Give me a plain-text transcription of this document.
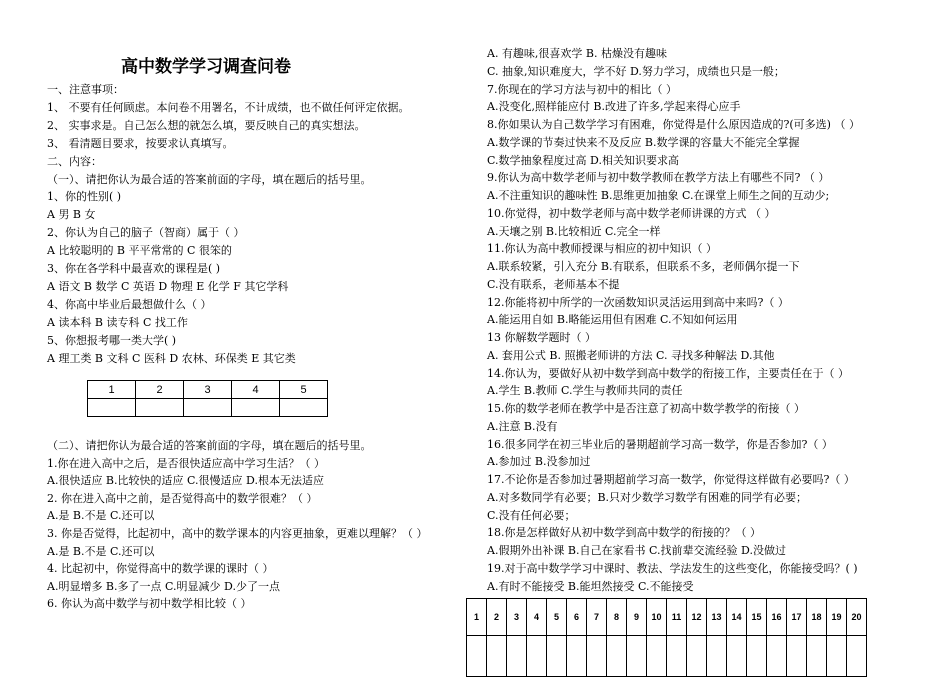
高中数学学习调查问卷
一、注意事项：
1、 不要有任何顾虑。本问卷不用署名，不计成绩，也不做任何评定依据。
2、 实事求是。自己怎么想的就怎么填，要反映自己的真实想法。
3、 看清题目要求，按要求认真填写。
二、内容：
（一）、请把你认为最合适的答案前面的字母，填在题后的括号里。
1、你的性别( )
A 男 B 女
2、你认为自己的脑子（智商）属于（ ）
A 比较聪明的 B 平平常常的 C 很笨的
3、你在各学科中最喜欢的课程是( )
A 语文 B 数学 C 英语 D 物理 E 化学 F 其它学科
4、你高中毕业后最想做什么（ ）
A 读本科 B 读专科 C 找工作
5、你想报考哪一类大学( )
A 理工类 B 文科 C 医科 D 农林、环保类 E 其它类
1	2	3	4	5

（二）、请把你认为最合适的答案前面的字母，填在题后的括号里。
1.你在进入高中之后，是否很快适应高中学习生活？（ ）
A.很快适应 B.比较快的适应 C.很慢适应 D.根本无法适应
2. 你在进入高中之前，是否觉得高中的数学很难？（ ）
A.是 B.不是 C.还可以
3. 你是否觉得，比起初中，高中的数学课本的内容更抽象，更难以理解？（ ）
A.是 B.不是 C.还可以
4. 比起初中，你觉得高中的数学课的课时（ ）
A.明显增多 B.多了一点 C.明显减少 D.少了一点
6. 你认为高中数学与初中数学相比较（ ）
A. 有趣味,很喜欢学 B. 枯燥没有趣味
C. 抽象,知识难度大，学不好 D.努力学习，成绩也只是一般；
7.你现在的学习方法与初中的相比（ ）
A.没变化,照样能应付 B.改进了许多,学起来得心应手
8.你如果认为自己数学学习有困难，你觉得是什么原因造成的?(可多选) （ ）
A.数学课的节奏过快来不及反应 B.数学课的容量大不能完全掌握
C.数学抽象程度过高 D.相关知识要求高
9.你认为高中数学老师与初中数学教师在教学方法上有哪些不同? （ ）
A.不注重知识的趣味性 B.思维更加抽象 C.在课堂上师生之间的互动少;
10.你觉得，初中数学老师与高中数学老师讲课的方式 （ ）
A.天壤之别 B.比较相近 C.完全一样
11.你认为高中教师授课与相应的初中知识（ ）
A.联系较紧，引入充分 B.有联系，但联系不多，老师偶尔提一下
C.没有联系，老师基本不提
12.你能将初中所学的一次函数知识灵活运用到高中来吗?（ ）
A.能运用自如 B.略能运用但有困难 C.不知如何运用
13 你解数学题时（ ）
A. 套用公式 B. 照搬老师讲的方法 C. 寻找多种解法 D.其他
14.你认为，要做好从初中数学到高中数学的衔接工作，主要责任在于（ ）
A.学生 B.教师 C.学生与教师共同的责任
15.你的数学老师在教学中是否注意了初高中数学教学的衔接（ ）
A.注意 B.没有
16.很多同学在初三毕业后的暑期超前学习高一数学，你是否参加?（ ）
A.参加过 B.没参加过
17.不论你是否参加过暑期超前学习高一数学，你觉得这样做有必要吗?（ ）
A.对多数同学有必要；B.只对少数学习数学有困难的同学有必要；
C.没有任何必要；
18.你是怎样做好从初中数学到高中数学的衔接的？（ ）
A.假期外出补课 B.自己在家看书 C.找前辈交流经验 D.没做过
19.对于高中数学学习中课时、教法、学法发生的这些变化，你能接受吗？( )
A.有时不能接受 B.能坦然接受 C.不能接受
1	2	3	4	5	6	7	8	9	10	11	12	13	14	15	16	17	18	19	20
